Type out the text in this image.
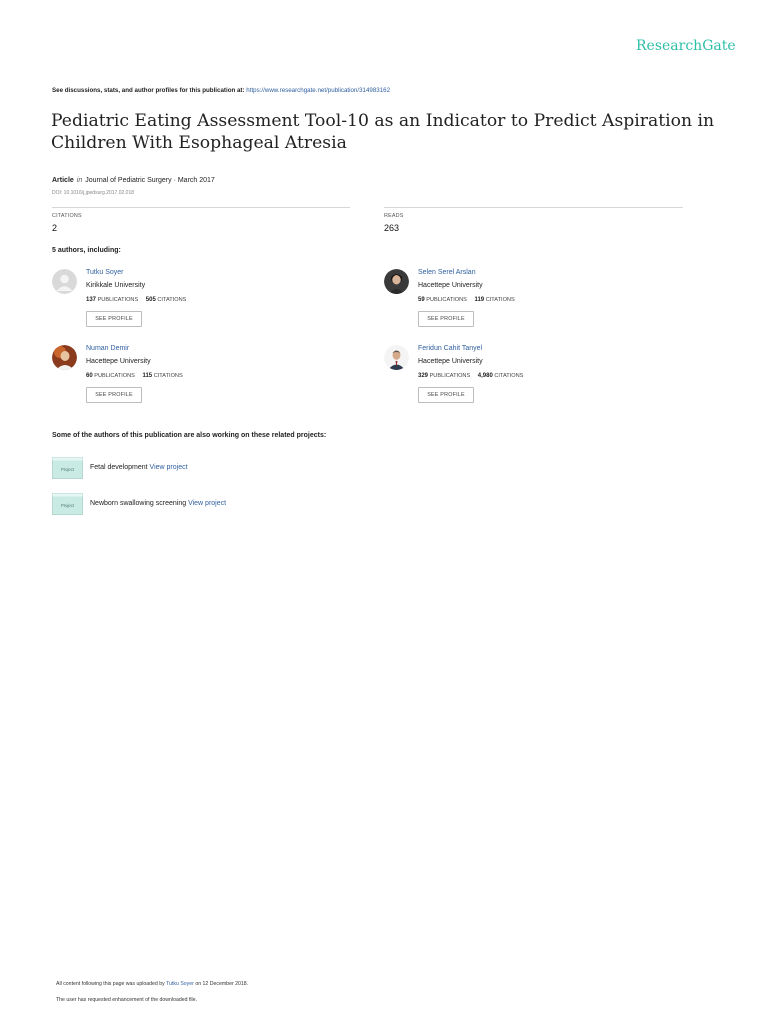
ResearchGate
See discussions, stats, and author profiles for this publication at: https://www.researchgate.net/publication/314983162
Pediatric Eating Assessment Tool-10 as an Indicator to Predict Aspiration in
Children With Esophageal Atresia
Article in Journal of Pediatric Surgery · March 2017
DOI: 10.1016/j.jpedsurg.2017.02.018
CITATIONS
2
READS
263
5 authors, including:
Tutku Soyer
Kirikkale University
137 PUBLICATIONS 505 CITATIONS
SEE PROFILE
Selen Serel Arslan
Hacettepe University
59 PUBLICATIONS 119 CITATIONS
SEE PROFILE
Numan Demir
Hacettepe University
60 PUBLICATIONS 115 CITATIONS
SEE PROFILE
Feridun Cahit Tanyel
Hacettepe University
329 PUBLICATIONS 4,980 CITATIONS
SEE PROFILE
Some of the authors of this publication are also working on these related projects:
Project Fetal development View project
Project Newborn swallowing screening View project
All content following this page was uploaded by Tutku Soyer on 12 December 2018.
The user has requested enhancement of the downloaded file.
